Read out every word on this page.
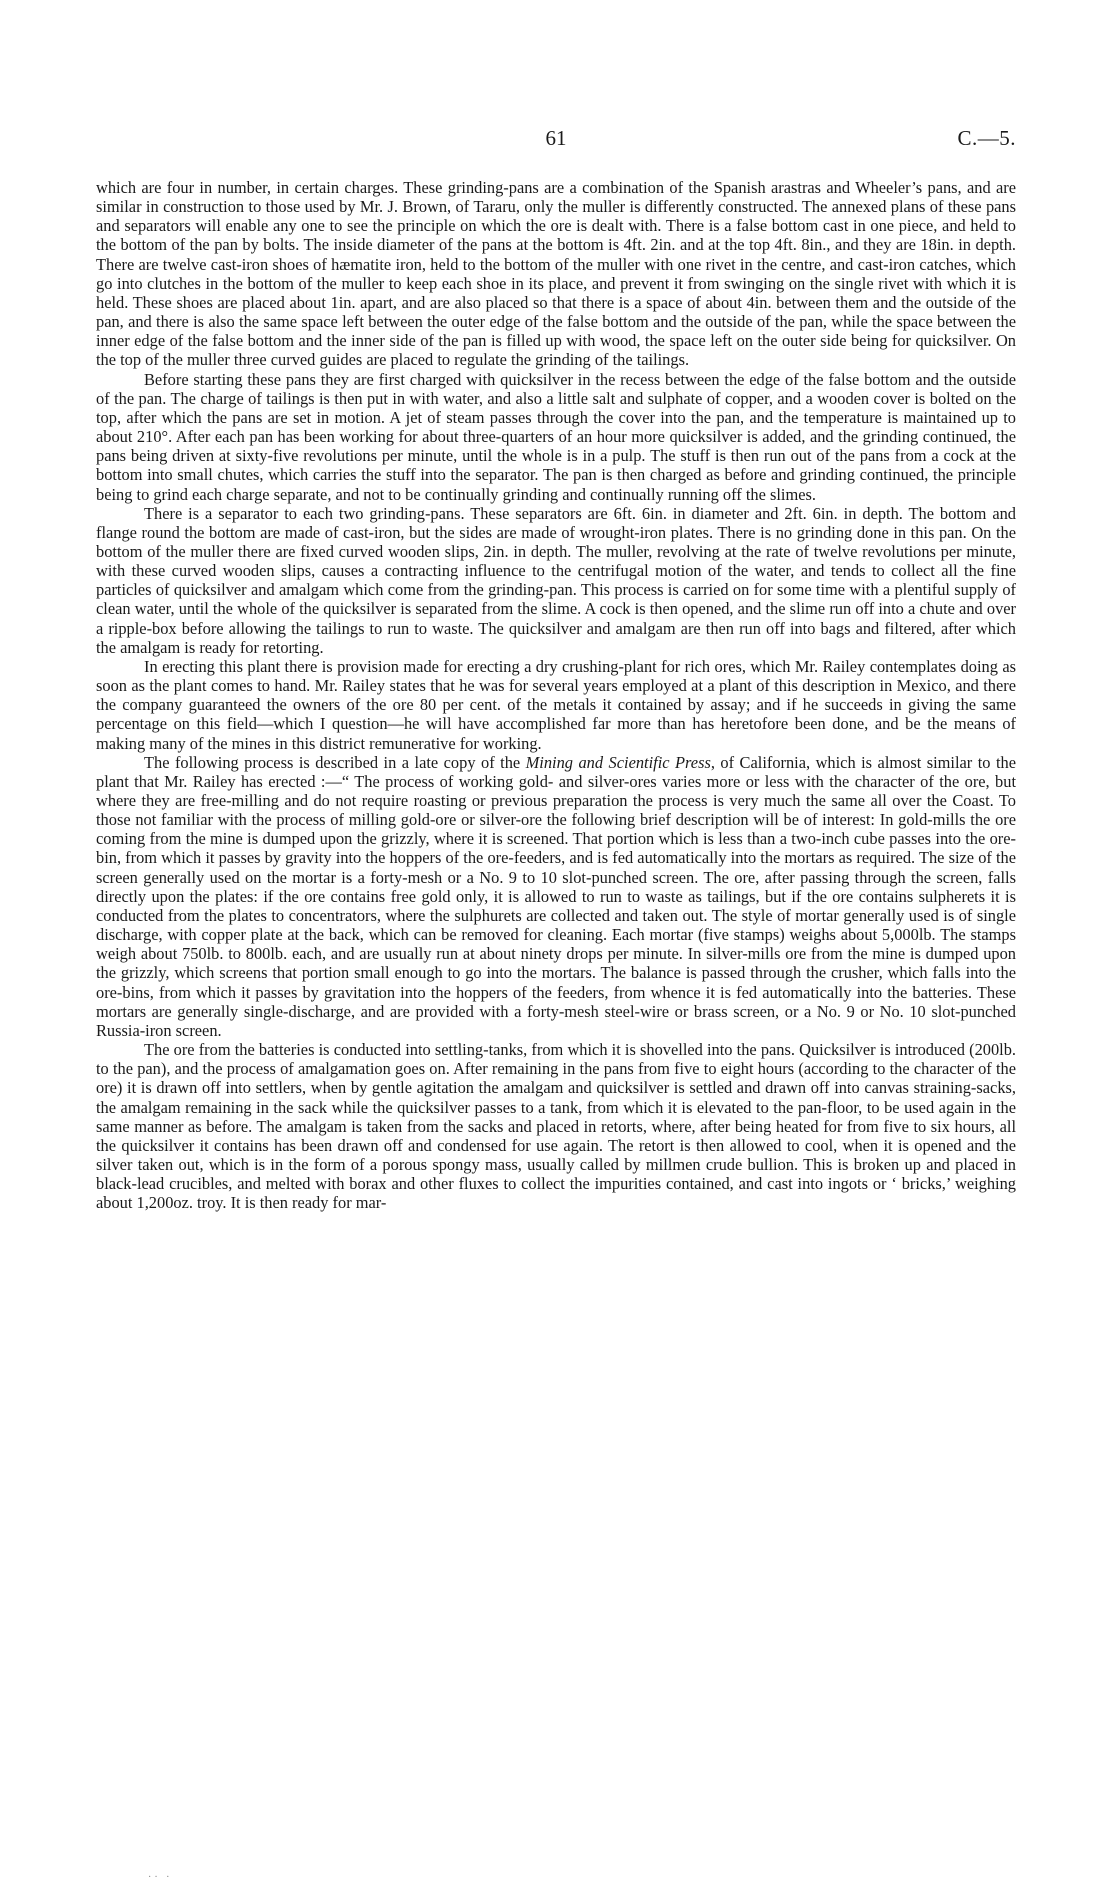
61	C.—5.

which are four in number, in certain charges. These grinding-pans are a combination of the Spanish arastras and Wheeler’s pans, and are similar in construction to those used by Mr. J. Brown, of Tararu, only the muller is differently constructed. The annexed plans of these pans and separators will enable any one to see the principle on which the ore is dealt with. There is a false bottom cast in one piece, and held to the bottom of the pan by bolts. The inside diameter of the pans at the bottom is 4ft. 2in. and at the top 4ft. 8in., and they are 18in. in depth. There are twelve cast-iron shoes of hæmatite iron, held to the bottom of the muller with one rivet in the centre, and cast-iron catches, which go into clutches in the bottom of the muller to keep each shoe in its place, and prevent it from swinging on the single rivet with which it is held. These shoes are placed about 1in. apart, and are also placed so that there is a space of about 4in. between them and the outside of the pan, and there is also the same space left between the outer edge of the false bottom and the outside of the pan, while the space between the inner edge of the false bottom and the inner side of the pan is filled up with wood, the space left on the outer side being for quicksilver. On the top of the muller three curved guides are placed to regulate the grinding of the tailings.

Before starting these pans they are first charged with quicksilver in the recess between the edge of the false bottom and the outside of the pan. The charge of tailings is then put in with water, and also a little salt and sulphate of copper, and a wooden cover is bolted on the top, after which the pans are set in motion. A jet of steam passes through the cover into the pan, and the temperature is maintained up to about 210°. After each pan has been working for about three-quarters of an hour more quicksilver is added, and the grinding continued, the pans being driven at sixty-five revolutions per minute, until the whole is in a pulp. The stuff is then run out of the pans from a cock at the bottom into small chutes, which carries the stuff into the separator. The pan is then charged as before and grinding continued, the principle being to grind each charge separate, and not to be continually grinding and continually running off the slimes.

There is a separator to each two grinding-pans. These separators are 6ft. 6in. in diameter and 2ft. 6in. in depth. The bottom and flange round the bottom are made of cast-iron, but the sides are made of wrought-iron plates. There is no grinding done in this pan. On the bottom of the muller there are fixed curved wooden slips, 2in. in depth. The muller, revolving at the rate of twelve revolutions per minute, with these curved wooden slips, causes a contracting influence to the centrifugal motion of the water, and tends to collect all the fine particles of quicksilver and amalgam which come from the grinding-pan. This process is carried on for some time with a plentiful supply of clean water, until the whole of the quicksilver is separated from the slime. A cock is then opened, and the slime run off into a chute and over a ripple-box before allowing the tailings to run to waste. The quicksilver and amalgam are then run off into bags and filtered, after which the amalgam is ready for retorting.

In erecting this plant there is provision made for erecting a dry crushing-plant for rich ores, which Mr. Railey contemplates doing as soon as the plant comes to hand. Mr. Railey states that he was for several years employed at a plant of this description in Mexico, and there the company guaranteed the owners of the ore 80 per cent. of the metals it contained by assay; and if he succeeds in giving the same percentage on this field—which I question—he will have accomplished far more than has heretofore been done, and be the means of making many of the mines in this district remunerative for working.

The following process is described in a late copy of the Mining and Scientific Press, of California, which is almost similar to the plant that Mr. Railey has erected :—“ The process of working gold- and silver-ores varies more or less with the character of the ore, but where they are free-milling and do not require roasting or previous preparation the process is very much the same all over the Coast. To those not familiar with the process of milling gold-ore or silver-ore the following brief description will be of interest: In gold-mills the ore coming from the mine is dumped upon the grizzly, where it is screened. That portion which is less than a two-inch cube passes into the ore-bin, from which it passes by gravity into the hoppers of the ore-feeders, and is fed automatically into the mortars as required. The size of the screen generally used on the mortar is a forty-mesh or a No. 9 to 10 slot-punched screen. The ore, after passing through the screen, falls directly upon the plates: if the ore contains free gold only, it is allowed to run to waste as tailings, but if the ore contains sulpherets it is conducted from the plates to concentrators, where the sulphurets are collected and taken out. The style of mortar generally used is of single discharge, with copper plate at the back, which can be removed for cleaning. Each mortar (five stamps) weighs about 5,000lb. The stamps weigh about 750lb. to 800lb. each, and are usually run at about ninety drops per minute. In silver-mills ore from the mine is dumped upon the grizzly, which screens that portion small enough to go into the mortars. The balance is passed through the crusher, which falls into the ore-bins, from which it passes by gravitation into the hoppers of the feeders, from whence it is fed automatically into the batteries. These mortars are generally single-discharge, and are provided with a forty-mesh steel-wire or brass screen, or a No. 9 or No. 10 slot-punched Russia-iron screen.

The ore from the batteries is conducted into settling-tanks, from which it is shovelled into the pans. Quicksilver is introduced (200lb. to the pan), and the process of amalgamation goes on. After remaining in the pans from five to eight hours (according to the character of the ore) it is drawn off into settlers, when by gentle agitation the amalgam and quicksilver is settled and drawn off into canvas straining-sacks, the amalgam remaining in the sack while the quicksilver passes to a tank, from which it is elevated to the pan-floor, to be used again in the same manner as before. The amalgam is taken from the sacks and placed in retorts, where, after being heated for from five to six hours, all the quicksilver it contains has been drawn off and condensed for use again. The retort is then allowed to cool, when it is opened and the silver taken out, which is in the form of a porous spongy mass, usually called by millmen crude bullion. This is broken up and placed in black-lead crucibles, and melted with borax and other fluxes to collect the impurities contained, and cast into ingots or ‘ bricks,’ weighing about 1,200oz. troy. It is then ready for mar-

·· ·
